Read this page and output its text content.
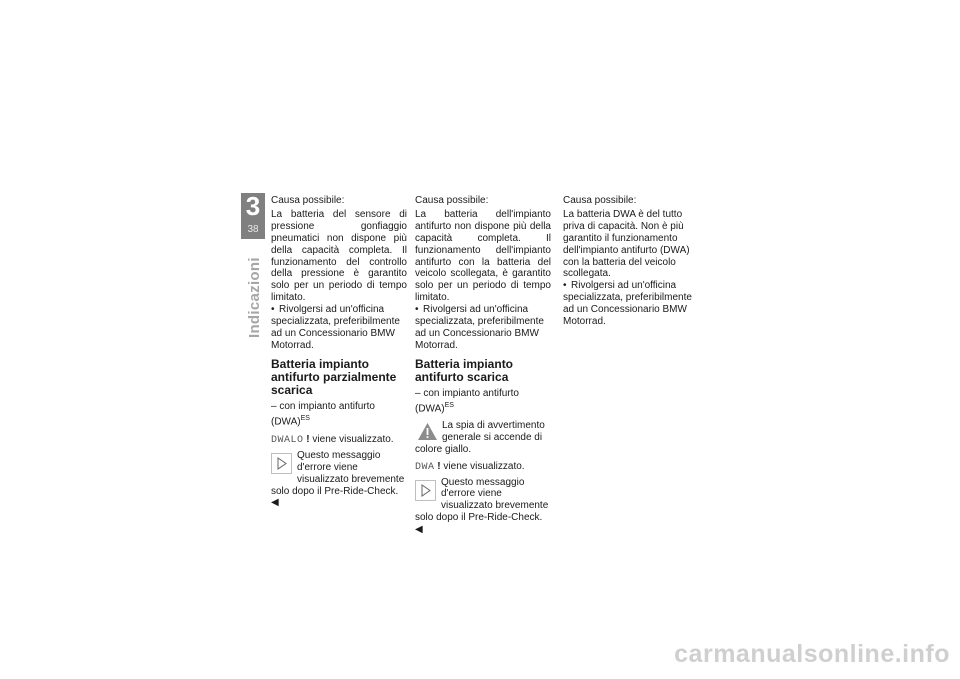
3
38
Indicazioni

Causa possibile:

La batteria del sensore di pressione gonfiaggio pneumatici non dispone più della capacità completa. Il funzionamento del controllo della pressione è garantito solo per un periodo di tempo limitato.

• Rivolgersi ad un'officina specializzata, preferibilmente ad un Concessionario BMW Motorrad.
Batteria impianto antifurto parzialmente scarica

– con impianto antifurto (DWA)$^{ES}$

DWALO ! viene visualizzato.

Questo messaggio d'errore viene visualizzato brevemente solo dopo il Pre-Ride-Check.

◀

Causa possibile:

La batteria dell'impianto antifurto non dispone più della capacità completa. Il funzionamento dell'impianto antifurto con la batteria del veicolo scollegata, è garantito solo per un periodo di tempo limitato.

• Rivolgersi ad un'officina specializzata, preferibilmente ad un Concessionario BMW Motorrad.
Batteria impianto antifurto scarica

– con impianto antifurto (DWA)$^{ES}$

La spia di avvertimento generale si accende di colore giallo.

DWA ! viene visualizzato.

Questo messaggio d'errore viene visualizzato brevemente solo dopo il Pre-Ride-Check.

◀

Causa possibile:

La batteria DWA è del tutto priva di capacità. Non è più garantito il funzionamento dell'impianto antifurto (DWA) con la batteria del veicolo scollegata.

• Rivolgersi ad un'officina specializzata, preferibilmente ad un Concessionario BMW Motorrad.
carmanualsonline.info
